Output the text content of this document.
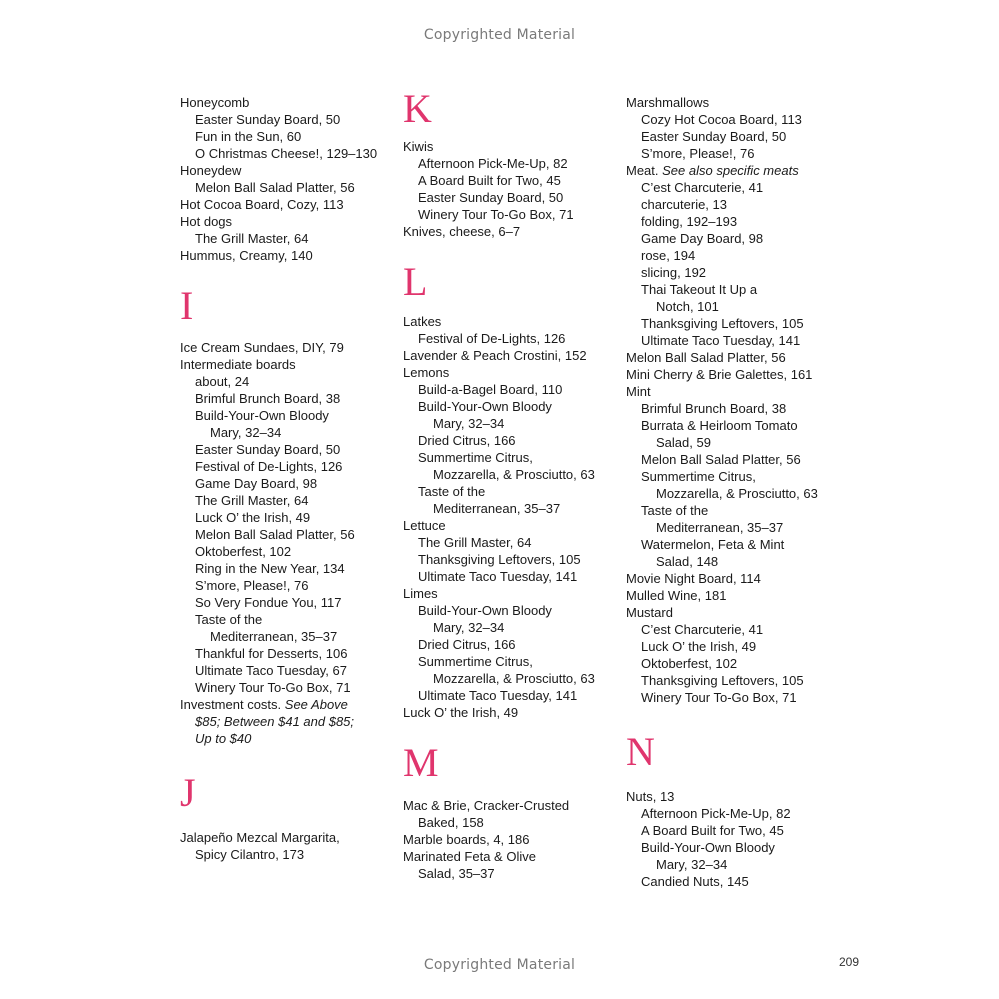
Copyrighted Material
Honeycomb
Easter Sunday Board, 50
Fun in the Sun, 60
O Christmas Cheese!, 129–130
Honeydew
Melon Ball Salad Platter, 56
Hot Cocoa Board, Cozy, 113
Hot dogs
The Grill Master, 64
Hummus, Creamy, 140
I
Ice Cream Sundaes, DIY, 79
Intermediate boards
about, 24
Brimful Brunch Board, 38
Build-Your-Own Bloody
Mary, 32–34
Easter Sunday Board, 50
Festival of De-Lights, 126
Game Day Board, 98
The Grill Master, 64
Luck O’ the Irish, 49
Melon Ball Salad Platter, 56
Oktoberfest, 102
Ring in the New Year, 134
S’more, Please!, 76
So Very Fondue You, 117
Taste of the
Mediterranean, 35–37
Thankful for Desserts, 106
Ultimate Taco Tuesday, 67
Winery Tour To-Go Box, 71
Investment costs. See Above
$85; Between $41 and $85;
Up to $40
J
Jalapeño Mezcal Margarita,
Spicy Cilantro, 173
K
Kiwis
Afternoon Pick-Me-Up, 82
A Board Built for Two, 45
Easter Sunday Board, 50
Winery Tour To-Go Box, 71
Knives, cheese, 6–7
L
Latkes
Festival of De-Lights, 126
Lavender & Peach Crostini, 152
Lemons
Build-a-Bagel Board, 110
Build-Your-Own Bloody
Mary, 32–34
Dried Citrus, 166
Summertime Citrus,
Mozzarella, & Prosciutto, 63
Taste of the
Mediterranean, 35–37
Lettuce
The Grill Master, 64
Thanksgiving Leftovers, 105
Ultimate Taco Tuesday, 141
Limes
Build-Your-Own Bloody
Mary, 32–34
Dried Citrus, 166
Summertime Citrus,
Mozzarella, & Prosciutto, 63
Ultimate Taco Tuesday, 141
Luck O’ the Irish, 49
M
Mac & Brie, Cracker-Crusted
Baked, 158
Marble boards, 4, 186
Marinated Feta & Olive
Salad, 35–37
Marshmallows
Cozy Hot Cocoa Board, 113
Easter Sunday Board, 50
S’more, Please!, 76
Meat. See also specific meats
C’est Charcuterie, 41
charcuterie, 13
folding, 192–193
Game Day Board, 98
rose, 194
slicing, 192
Thai Takeout It Up a
Notch, 101
Thanksgiving Leftovers, 105
Ultimate Taco Tuesday, 141
Melon Ball Salad Platter, 56
Mini Cherry & Brie Galettes, 161
Mint
Brimful Brunch Board, 38
Burrata & Heirloom Tomato
Salad, 59
Melon Ball Salad Platter, 56
Summertime Citrus,
Mozzarella, & Prosciutto, 63
Taste of the
Mediterranean, 35–37
Watermelon, Feta & Mint
Salad, 148
Movie Night Board, 114
Mulled Wine, 181
Mustard
C’est Charcuterie, 41
Luck O’ the Irish, 49
Oktoberfest, 102
Thanksgiving Leftovers, 105
Winery Tour To-Go Box, 71
N
Nuts, 13
Afternoon Pick-Me-Up, 82
A Board Built for Two, 45
Build-Your-Own Bloody
Mary, 32–34
Candied Nuts, 145
Copyrighted Material	209
